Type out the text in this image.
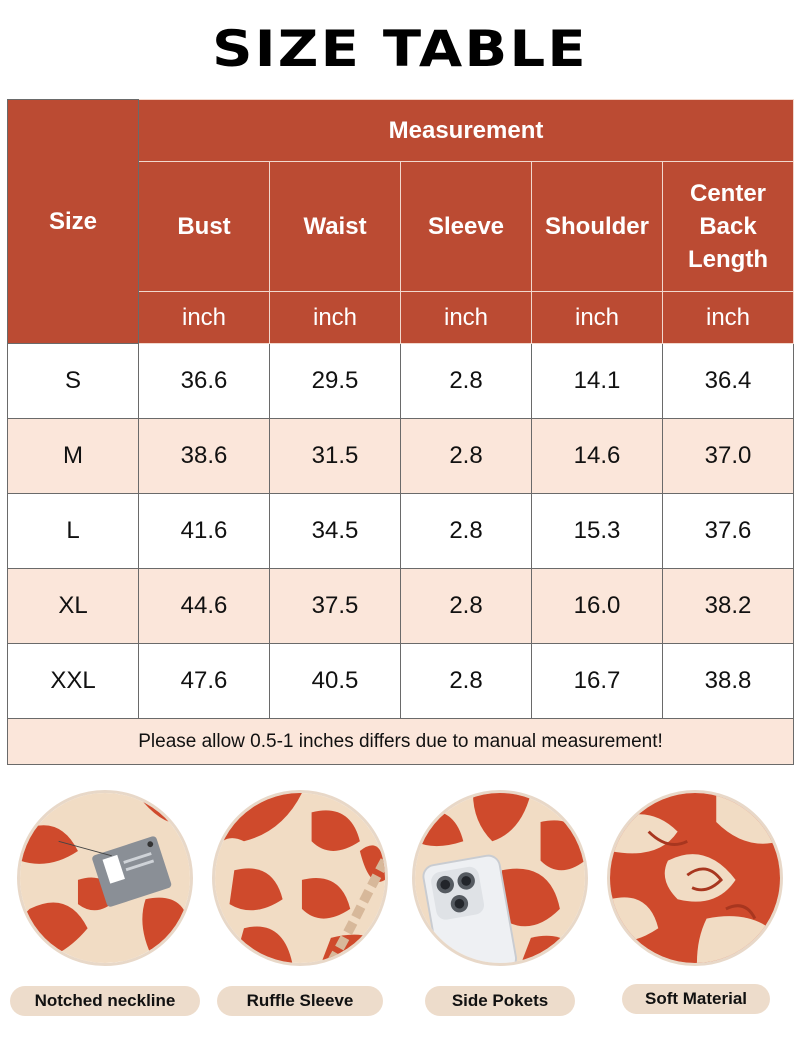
SIZE TABLE
Size	Measurement				
	Bust	Waist	Sleeve	Shoulder	Center Back Length
	inch	inch	inch	inch	inch
S	36.6	29.5	2.8	14.1	36.4
M	38.6	31.5	2.8	14.6	37.0
L	41.6	34.5	2.8	15.3	37.6
XL	44.6	37.5	2.8	16.0	38.2
XXL	47.6	40.5	2.8	16.7	38.8
Please allow 0.5-1 inches differs due to manual measurement!					
Notched neckline	Ruffle Sleeve	Side Pokets	Soft Material
